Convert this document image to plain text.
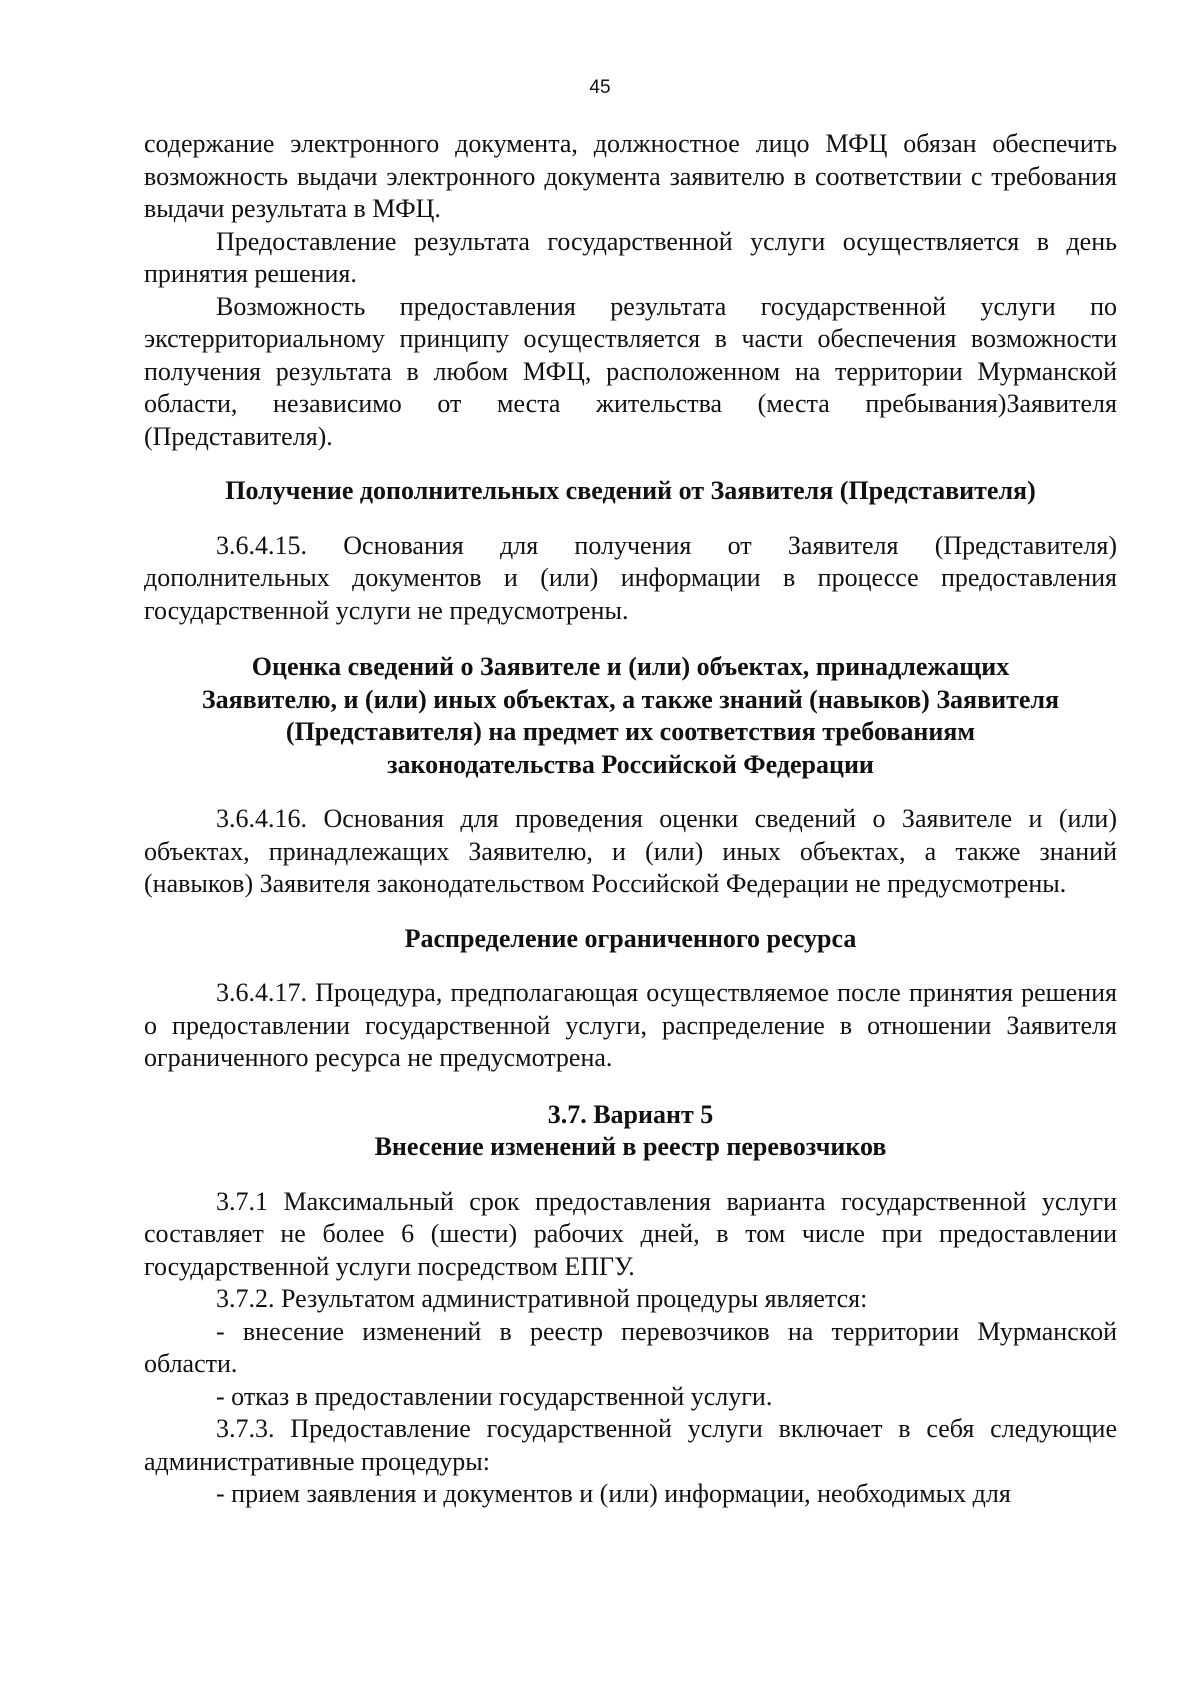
45

содержание электронного документа, должностное лицо МФЦ обязан обеспечить возможность выдачи электронного документа заявителю в соответствии с требования выдачи результата в МФЦ.

Предоставление результата государственной услуги осуществляется в день принятия решения.

Возможность предоставления результата государственной услуги по экстерриториальному принципу осуществляется в части обеспечения возможности получения результата в любом МФЦ, расположенном на территории Мурманской области, независимо от места жительства (места пребывания)Заявителя (Представителя).

Получение дополнительных сведений от Заявителя (Представителя)

3.6.4.15. Основания для получения от Заявителя (Представителя) дополнительных документов и (или) информации в процессе предоставления государственной услуги не предусмотрены.

Оценка сведений о Заявителе и (или) объектах, принадлежащих
Заявителю, и (или) иных объектах, а также знаний (навыков) Заявителя
(Представителя) на предмет их соответствия требованиям
законодательства Российской Федерации

3.6.4.16. Основания для проведения оценки сведений о Заявителе и (или) объектах, принадлежащих Заявителю, и (или) иных объектах, а также знаний (навыков) Заявителя законодательством Российской Федерации не предусмотрены.

Распределение ограниченного ресурса

3.6.4.17. Процедура, предполагающая осуществляемое после принятия решения о предоставлении государственной услуги, распределение в отношении Заявителя ограниченного ресурса не предусмотрена.

3.7. Вариант 5
Внесение изменений в реестр перевозчиков

3.7.1 Максимальный срок предоставления варианта государственной услуги составляет не более 6 (шести) рабочих дней, в том числе при предоставлении государственной услуги посредством ЕПГУ.

3.7.2. Результатом административной процедуры является:

- внесение изменений в реестр перевозчиков на территории Мурманской области.

- отказ в предоставлении государственной услуги.

3.7.3. Предоставление государственной услуги включает в себя следующие административные процедуры:

- прием заявления и документов и (или) информации, необходимых для
